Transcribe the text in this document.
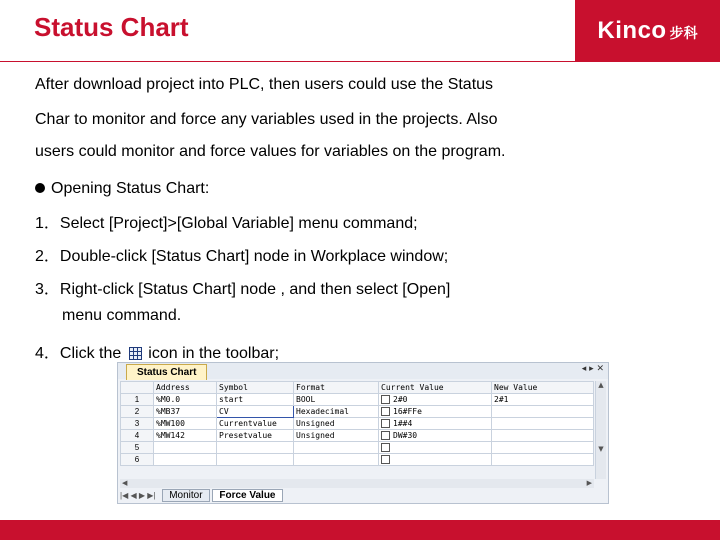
Status Chart	Kinco 步科
After download project into PLC, then users could use the Status
Char to monitor and force any variables used in the projects. Also
users could monitor and force values for variables on the program.
Opening Status Chart:
1．Select [Project]>[Global Variable] menu command;
2．Double-click [Status Chart] node in Workplace window;
3．Right-click [Status Chart] node , and then select [Open]
menu command.
4．Click the icon in the toolbar;
Status Chart	◂ ▸ ✕
	Address	Symbol	Format	Current Value	New Value
1	%M0.0	start	BOOL	2#0	2#1
2	%MB37	CV	Hexadecimal	16#FFe	
3	%MW100	Currentvalue	Unsigned	1##4	
4	%MW142	Presetvalue	Unsigned	DW#30	
5					
6					
▲

▼
◀	▶
|◀ ◀ ▶ ▶| Monitor Force Value
